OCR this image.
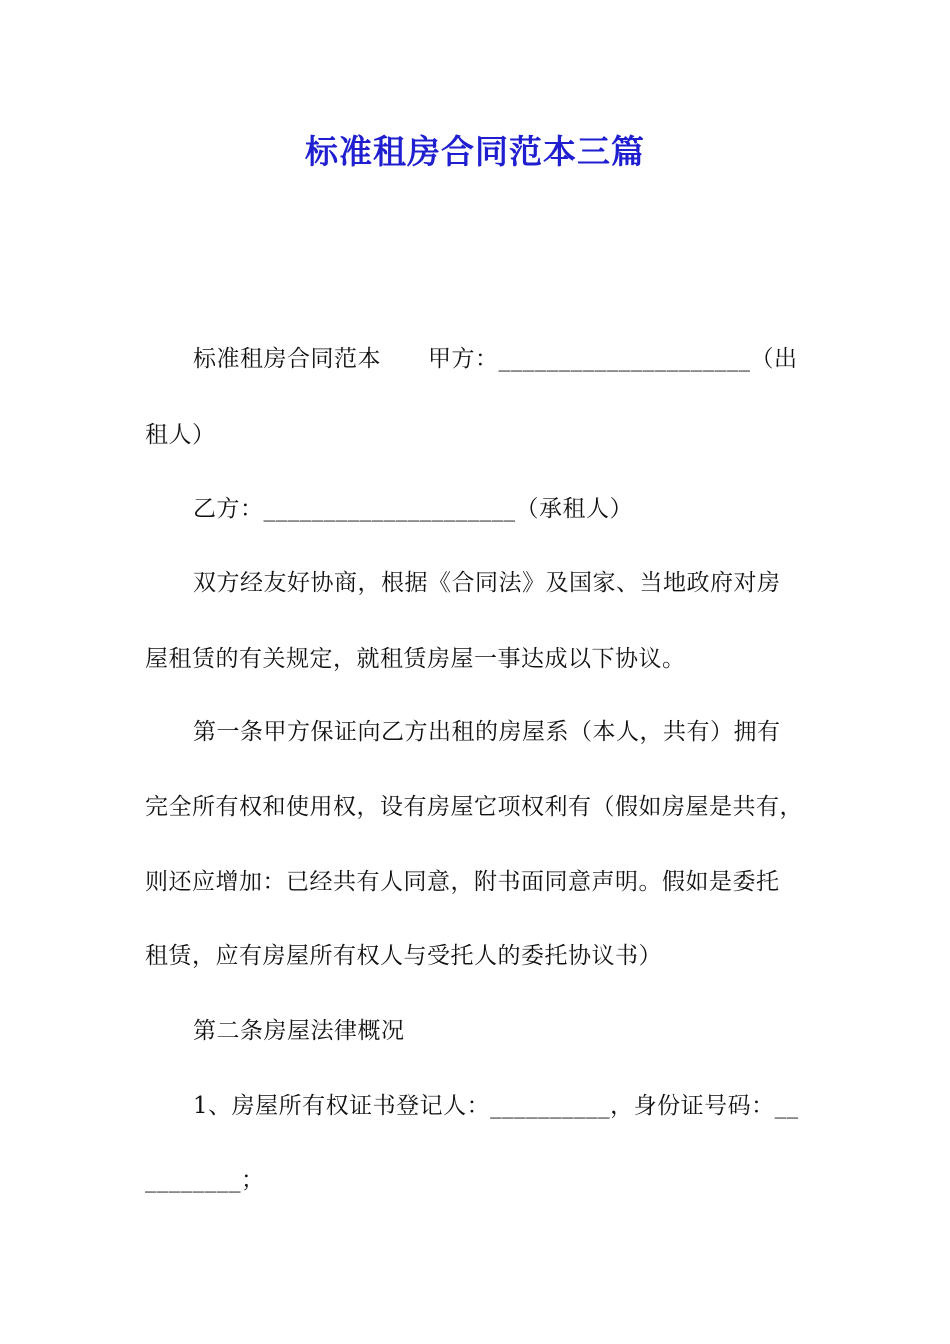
标准租房合同范本三篇
标准租房合同范本　　甲方：_____________________（出
租人）
乙方：_____________________（承租人）
双方经友好协商，根据《合同法》及国家、当地政府对房
屋租赁的有关规定，就租赁房屋一事达成以下协议。
第一条甲方保证向乙方出租的房屋系（本人，共有）拥有
完全所有权和使用权，设有房屋它项权利有（假如房屋是共有，
则还应增加：已经共有人同意，附书面同意声明。假如是委托
租赁，应有房屋所有权人与受托人的委托协议书）
第二条房屋法律概况
1、房屋所有权证书登记人：__________，身份证号码：__
________；
